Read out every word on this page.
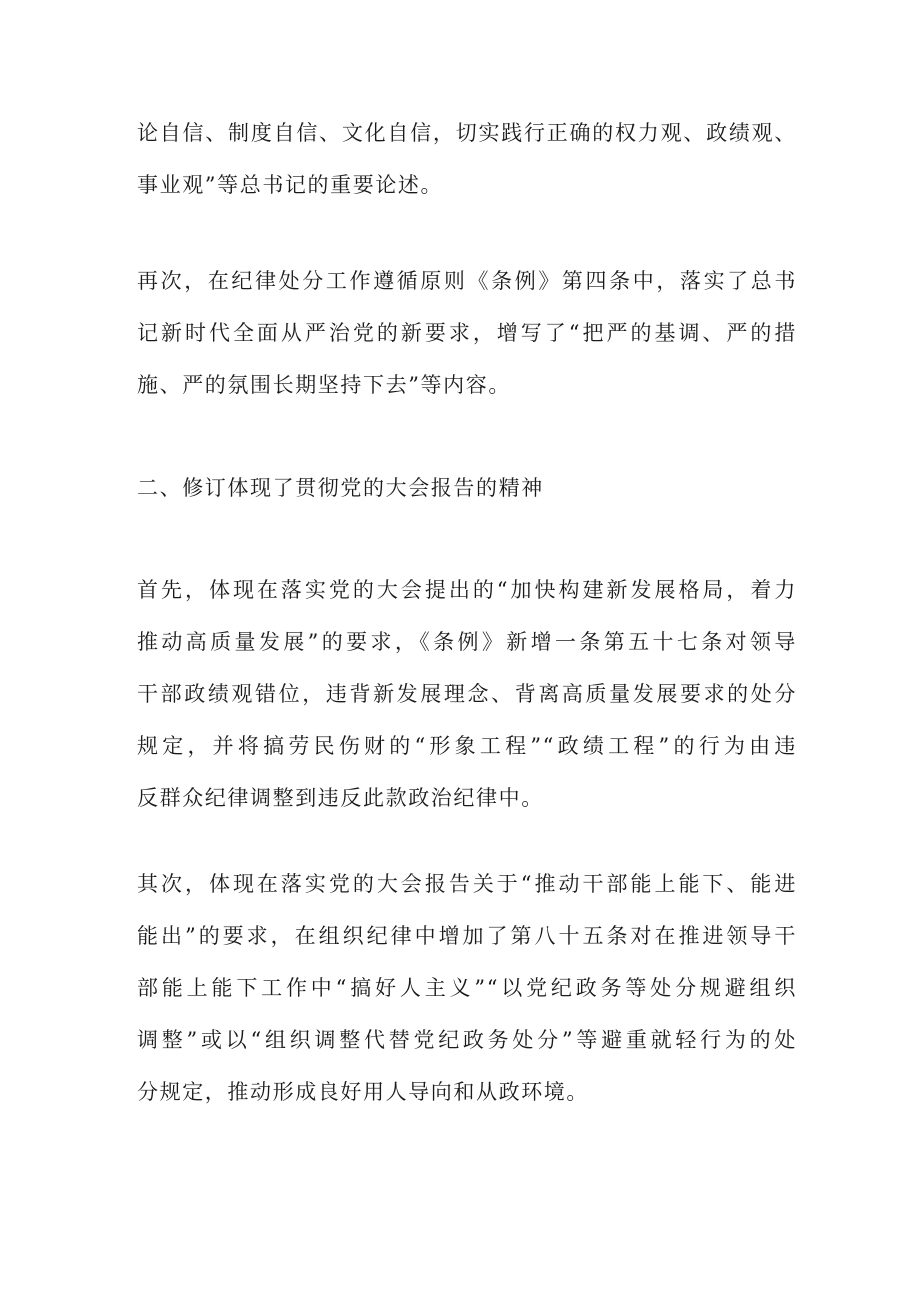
论自信、制度自信、文化自信，切实践行正确的权力观、政绩观、
事业观”等总书记的重要论述。
再次，在纪律处分工作遵循原则《条例》第四条中，落实了总书
记新时代全面从严治党的新要求，增写了“把严的基调、严的措
施、严的氛围长期坚持下去”等内容。
二、修订体现了贯彻党的大会报告的精神
首先，体现在落实党的大会提出的“加快构建新发展格局，着力
推动高质量发展”的要求，《条例》新增一条第五十七条对领导
干部政绩观错位，违背新发展理念、背离高质量发展要求的处分
规定，并将搞劳民伤财的“形象工程”“政绩工程”的行为由违
反群众纪律调整到违反此款政治纪律中。
其次，体现在落实党的大会报告关于“推动干部能上能下、能进
能出”的要求，在组织纪律中增加了第八十五条对在推进领导干
部能上能下工作中“搞好人主义”“以党纪政务等处分规避组织
调整”或以“组织调整代替党纪政务处分”等避重就轻行为的处
分规定，推动形成良好用人导向和从政环境。
